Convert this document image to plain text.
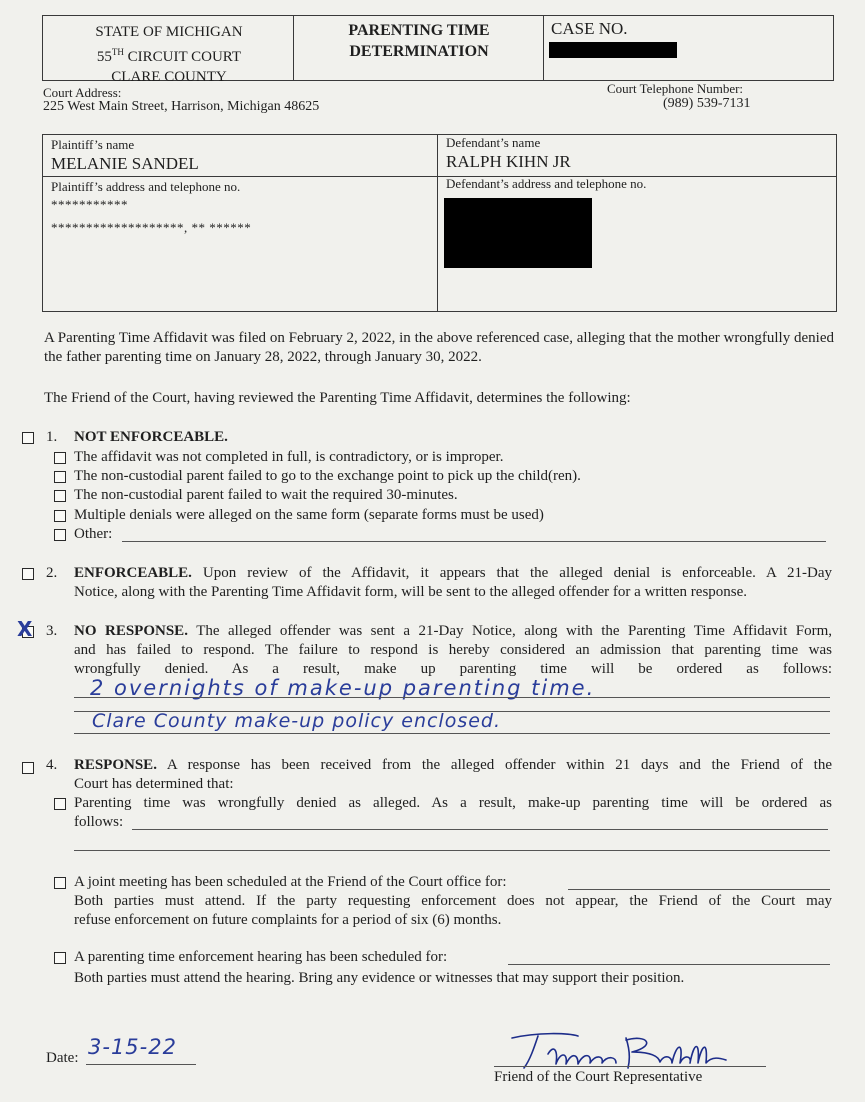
STATE OF MICHIGAN
55TH CIRCUIT COURT
CLARE COUNTY
PARENTING TIME
DETERMINATION
CASE NO.
Court Address:
225 West Main Street, Harrison, Michigan 48625
Court Telephone Number:
(989) 539-7131
Plaintiff’s name
MELANIE SANDEL
Defendant’s name
RALPH KIHN JR
Plaintiff’s address and telephone no.
***********
*******************, ** ******
Defendant’s address and telephone no.
A Parenting Time Affidavit was filed on February 2, 2022, in the above referenced case, alleging that the mother wrongfully denied the father parenting time on January 28, 2022, through January 30, 2022.
The Friend of the Court, having reviewed the Parenting Time Affidavit, determines the following:
1. NOT ENFORCEABLE.
The affidavit was not completed in full, is contradictory, or is improper.
The non-custodial parent failed to go to the exchange point to pick up the child(ren).
The non-custodial parent failed to wait the required 30-minutes.
Multiple denials were alleged on the same form (separate forms must be used)
Other:
2. ENFORCEABLE. Upon review of the Affidavit, it appears that the alleged denial is enforceable. A 21-Day
Notice, along with the Parenting Time Affidavit form, will be sent to the alleged offender for a written response.
X 3. NO RESPONSE. The alleged offender was sent a 21-Day Notice, along with the Parenting Time Affidavit Form,
and has failed to respond. The failure to respond is hereby considered an admission that parenting time was
wrongfully denied. As a result, make up parenting time will be ordered as follows:
2 overnights of make-up parenting time.
Clare County make-up policy enclosed.
4. RESPONSE. A response has been received from the alleged offender within 21 days and the Friend of the
Court has determined that:
Parenting time was wrongfully denied as alleged. As a result, make-up parenting time will be ordered as
follows:
A joint meeting has been scheduled at the Friend of the Court office for:
Both parties must attend. If the party requesting enforcement does not appear, the Friend of the Court may
refuse enforcement on future complaints for a period of six (6) months.
A parenting time enforcement hearing has been scheduled for:
Both parties must attend the hearing. Bring any evidence or witnesses that may support their position.
Date: 3-15-22
Friend of the Court Representative
